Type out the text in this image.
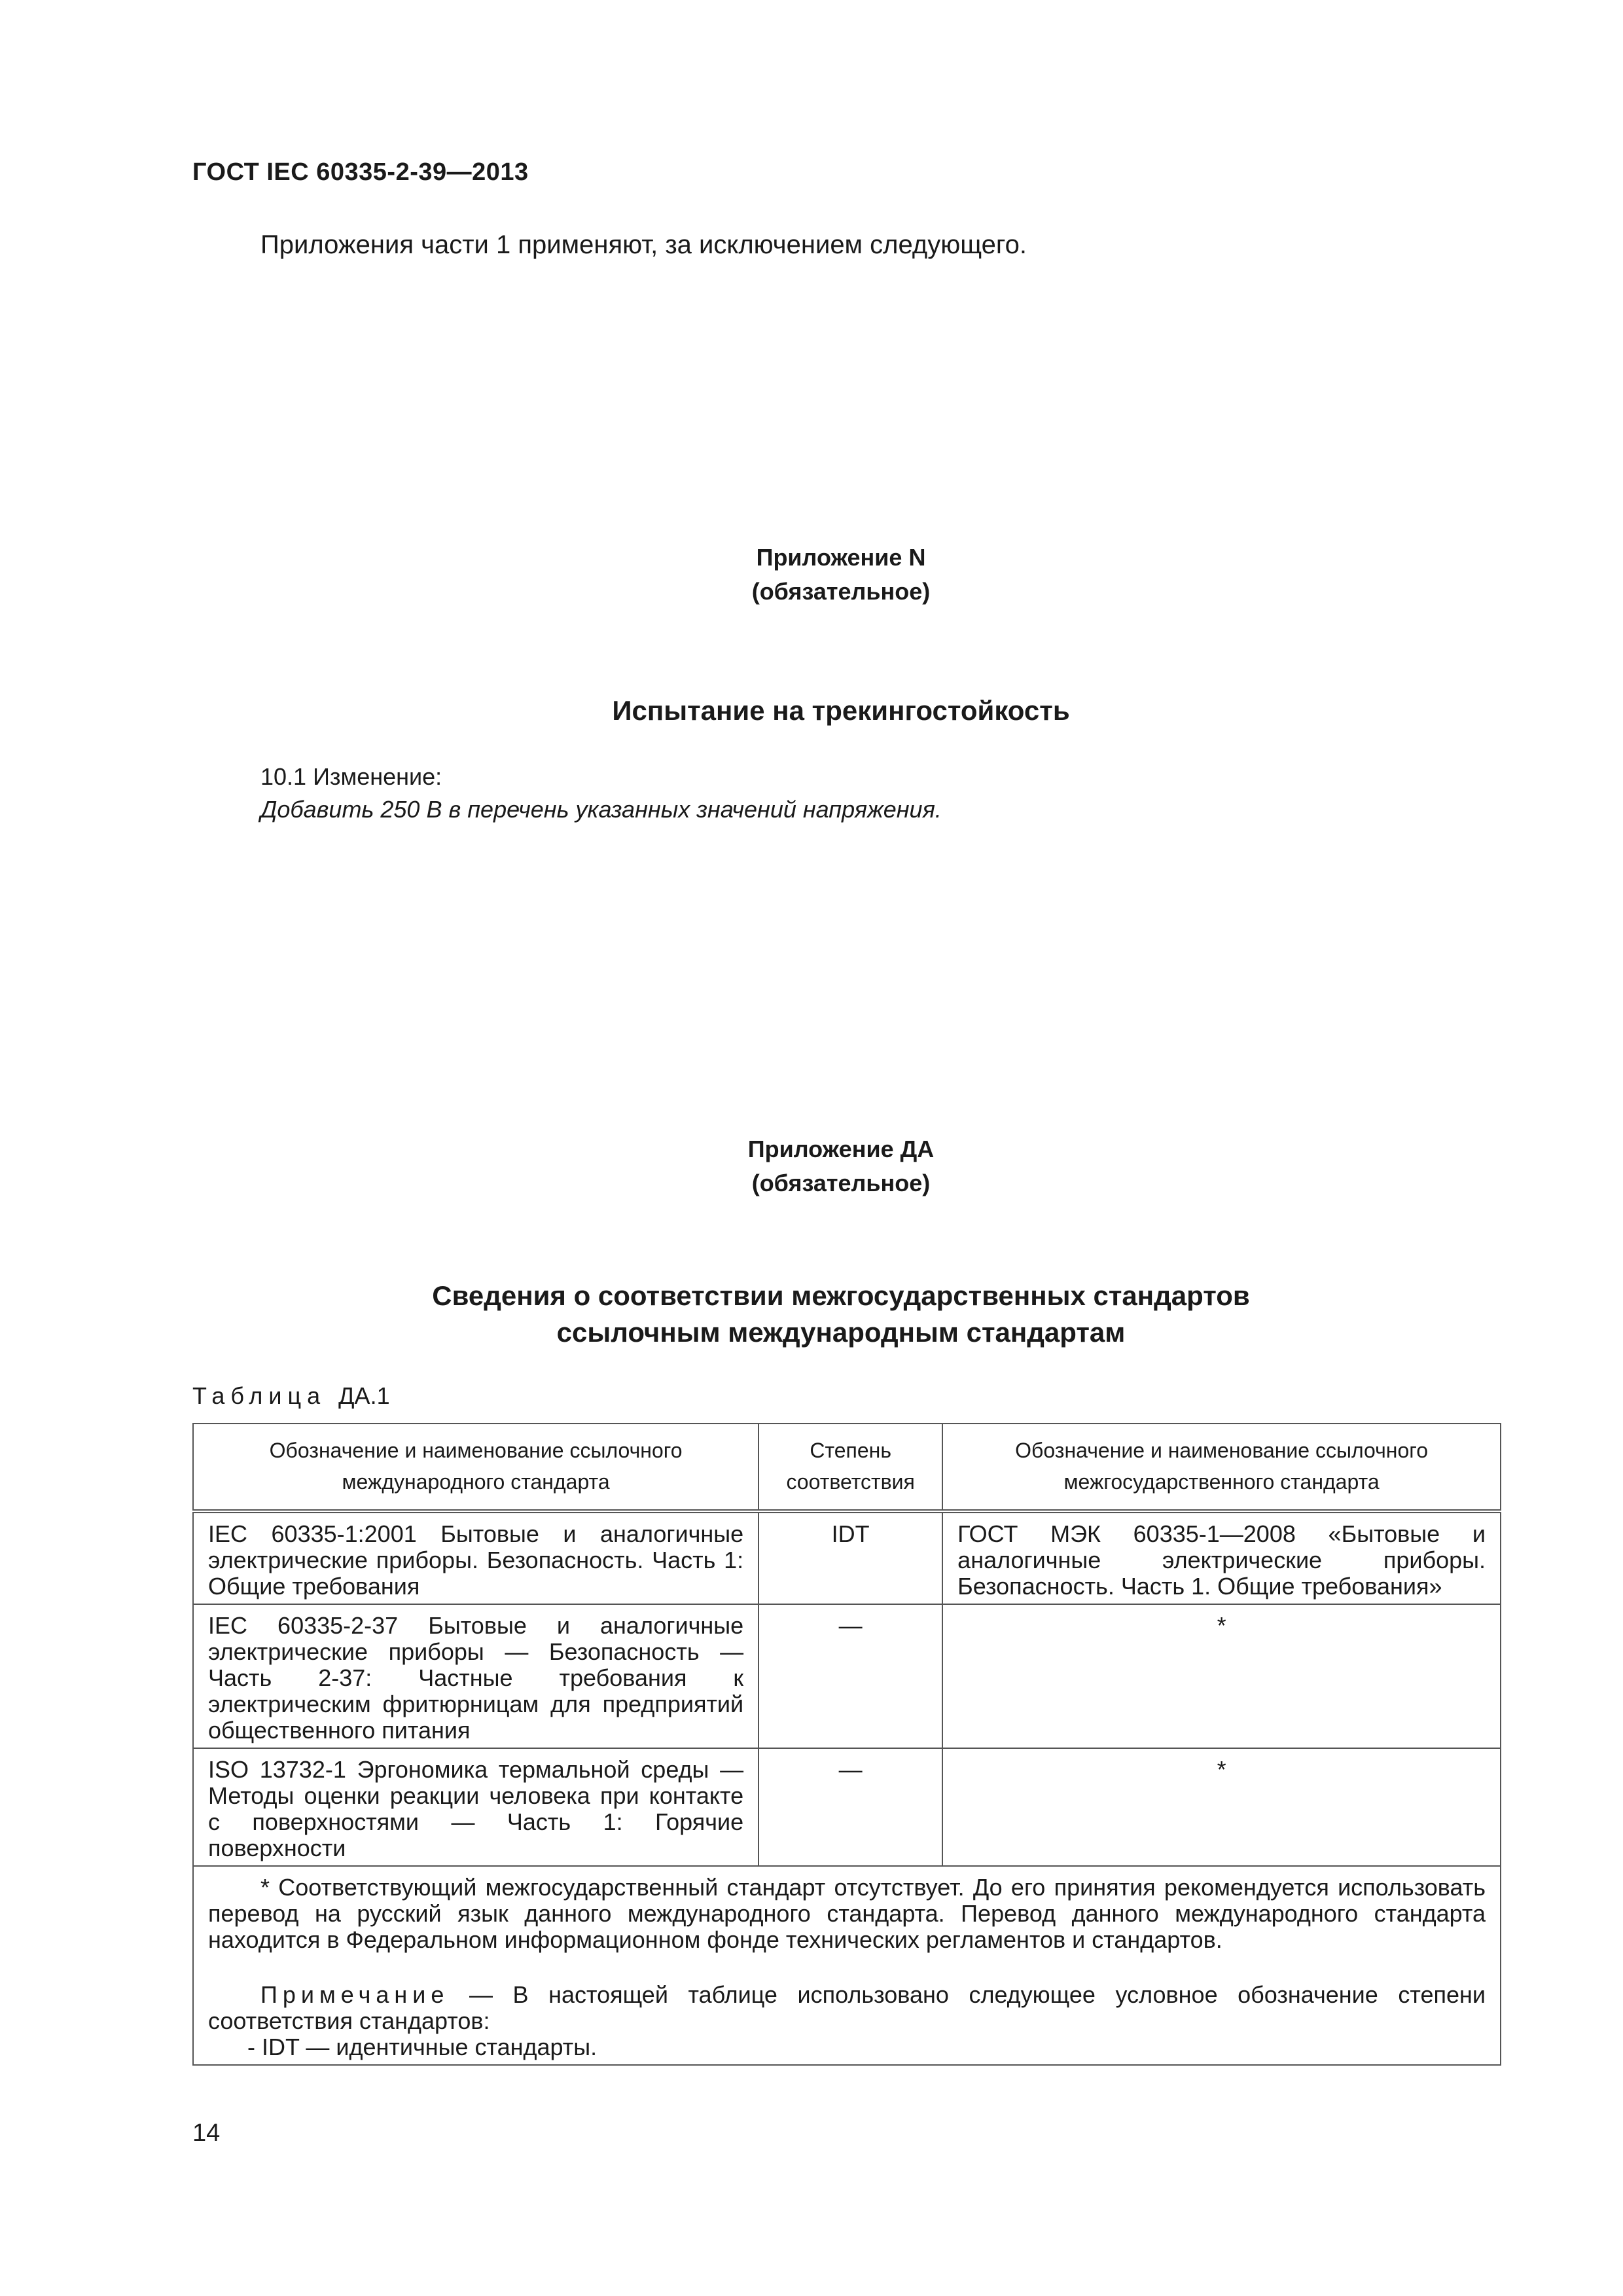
ГОСТ IEC 60335-2-39—2013
Приложения части 1 применяют, за исключением следующего.
Приложение N
(обязательное)
Испытание на трекингостойкость
10.1 Изменение:
Добавить 250 В в перечень указанных значений напряжения.
Приложение ДА
(обязательное)
Сведения о соответствии межгосударственных стандартов
ссылочным международным стандартам
Таблица ДА.1
Обозначение и наименование ссылочного международного стандарта	Степень соответствия	Обозначение и наименование ссылочного межгосударственного стандарта
IEC 60335-1:2001 Бытовые и аналогичные электрические приборы. Безопасность. Часть 1: Общие требования	IDT	ГОСТ МЭК 60335-1—2008 «Бытовые и аналогичные электрические приборы. Безопасность. Часть 1. Общие требования»
IEC 60335-2-37 Бытовые и аналогичные электрические приборы — Безопасность — Часть 2-37: Частные требования к электрическим фритюрницам для предприятий общественного питания	—	*
ISO 13732-1 Эргономика термальной среды — Методы оценки реакции человека при контакте с поверхностями — Часть 1: Горячие поверхности	—	*

* Соответствующий межгосударственный стандарт отсутствует. До его принятия рекомендуется использовать перевод на русский язык данного международного стандарта. Перевод данного международного стандарта находится в Федеральном информационном фонде технических регламентов и стандартов.

Примечание — В настоящей таблице использовано следующее условное обозначение степени соответствия стандартов:

- IDT — идентичные стандарты.		
14
